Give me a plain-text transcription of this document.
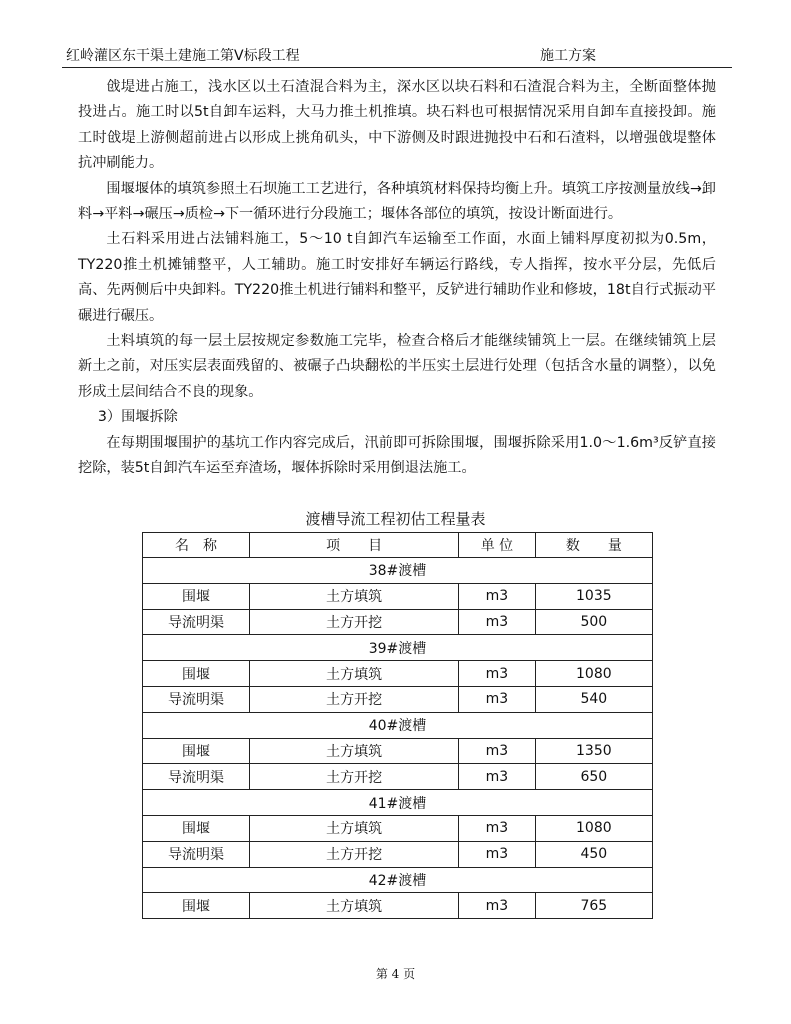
红岭灌区东干渠土建施工第Ⅴ标段工程	施工方案

戗堤进占施工，浅水区以土石渣混合料为主，深水区以块石料和石渣混合料为主，全断面整体抛投进占。施工时以5t自卸车运料，大马力推土机推填。块石料也可根据情况采用自卸车直接投卸。施工时戗堤上游侧超前进占以形成上挑角矶头，中下游侧及时跟进抛投中石和石渣料，以增强戗堤整体抗冲刷能力。

围堰堰体的填筑参照土石坝施工工艺进行，各种填筑材料保持均衡上升。填筑工序按测量放线→卸料→平料→碾压→质检→下一循环进行分段施工；堰体各部位的填筑，按设计断面进行。

土石料采用进占法铺料施工，5～10 t自卸汽车运输至工作面，水面上铺料厚度初拟为0.5m，TY220推土机摊铺整平，人工辅助。施工时安排好车辆运行路线，专人指挥，按水平分层，先低后高、先两侧后中央卸料。TY220推土机进行铺料和整平，反铲进行辅助作业和修坡，18t自行式振动平碾进行碾压。

土料填筑的每一层土层按规定参数施工完毕，检查合格后才能继续铺筑上一层。在继续铺筑上层新土之前，对压实层表面残留的、被碾子凸块翻松的半压实土层进行处理（包括含水量的调整），以免形成土层间结合不良的现象。

3）围堰拆除

在每期围堰围护的基坑工作内容完成后，汛前即可拆除围堰，围堰拆除采用1.0～1.6m³反铲直接挖除，装5t自卸汽车运至弃渣场，堰体拆除时采用倒退法施工。

渡槽导流工程初估工程量表
名　称	项　　目	单 位	数　　量
38#渡槽			
围堰	土方填筑	m3	1035
导流明渠	土方开挖	m3	500
39#渡槽			
围堰	土方填筑	m3	1080
导流明渠	土方开挖	m3	540
40#渡槽			
围堰	土方填筑	m3	1350
导流明渠	土方开挖	m3	650
41#渡槽			
围堰	土方填筑	m3	1080
导流明渠	土方开挖	m3	450
42#渡槽			
围堰	土方填筑	m3	765
第 4 页
